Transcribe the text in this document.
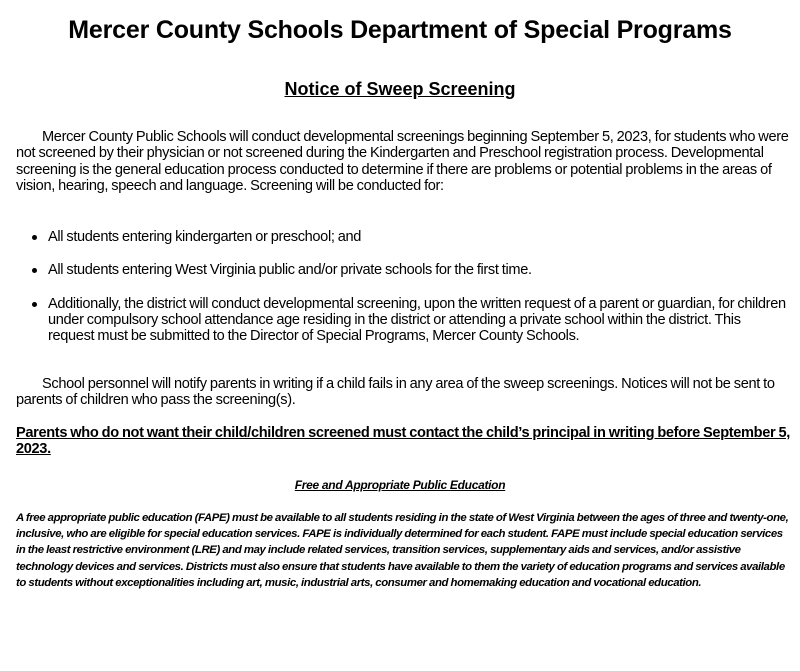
Mercer County Schools Department of Special Programs
Notice of Sweep Screening
Mercer County Public Schools will conduct developmental screenings beginning September 5, 2023, for students who were not screened by their physician or not screened during the Kindergarten and Preschool registration process. Developmental screening is the general education process conducted to determine if there are problems or potential problems in the areas of vision, hearing, speech and language. Screening will be conducted for:
All students entering kindergarten or preschool; and
All students entering West Virginia public and/or private schools for the first time.
Additionally, the district will conduct developmental screening, upon the written request of a parent or guardian, for children under compulsory school attendance age residing in the district or attending a private school within the district. This request must be submitted to the Director of Special Programs, Mercer County Schools.
School personnel will notify parents in writing if a child fails in any area of the sweep screenings. Notices will not be sent to parents of children who pass the screening(s).
Parents who do not want their child/children screened must contact the child’s principal in writing before September 5, 2023.
Free and Appropriate Public Education
A free appropriate public education (FAPE) must be available to all students residing in the state of West Virginia between the ages of three and twenty-one, inclusive, who are eligible for special education services. FAPE is individually determined for each student. FAPE must include special education services in the least restrictive environment (LRE) and may include related services, transition services, supplementary aids and services, and/or assistive technology devices and services. Districts must also ensure that students have available to them the variety of education programs and services available to students without exceptionalities including art, music, industrial arts, consumer and homemaking education and vocational education.
